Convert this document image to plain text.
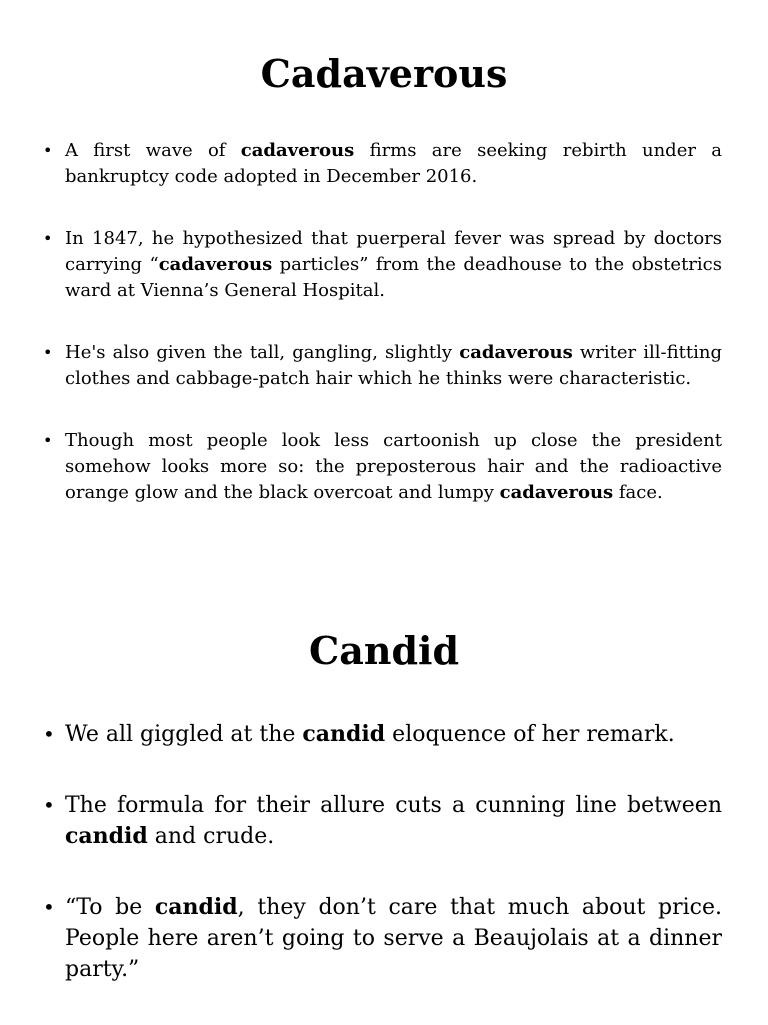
Cadaverous
• A first wave of cadaverous firms are seeking rebirth under a bankruptcy code adopted in December 2016.
• In 1847, he hypothesized that puerperal fever was spread by doctors carrying “cadaverous particles” from the deadhouse to the obstetrics ward at Vienna’s General Hospital.
• He's also given the tall, gangling, slightly cadaverous writer ill-fitting clothes and cabbage-patch hair which he thinks were characteristic.
• Though most people look less cartoonish up close the president somehow looks more so: the preposterous hair and the radioactive orange glow and the black overcoat and lumpy cadaverous face.
Candid
• We all giggled at the candid eloquence of her remark.
• The formula for their allure cuts a cunning line between candid and crude.
• “To be candid, they don’t care that much about price. People here aren’t going to serve a Beaujolais at a dinner party.”
